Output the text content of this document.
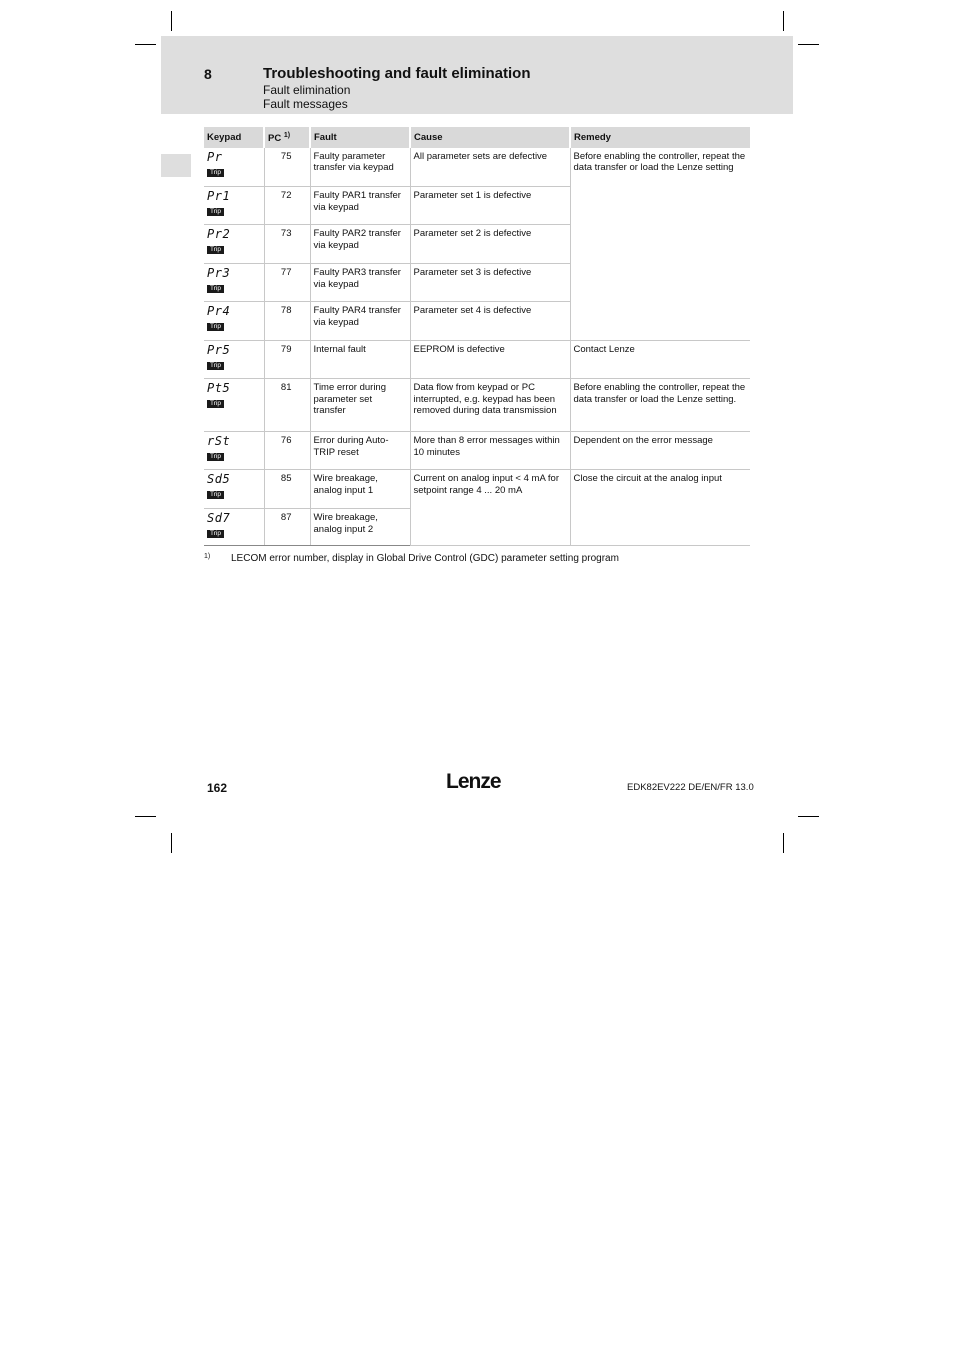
8	Troubleshooting and fault elimination
Fault elimination
Fault messages
Keypad	PC $^{1)}$	Fault	Cause	Remedy

Pr
Trip	75	Faulty parameter transfer via keypad	All parameter sets are defective	Before enabling the controller, repeat the data transfer or load the Lenze setting

Pr1
Trip	72	Faulty PAR1 transfer via keypad	Parameter set 1 is defective	

Pr2
Trip	73	Faulty PAR2 transfer via keypad	Parameter set 2 is defective	

Pr3
Trip	77	Faulty PAR3 transfer via keypad	Parameter set 3 is defective	

Pr4
Trip	78	Faulty PAR4 transfer via keypad	Parameter set 4 is defective	

Pr5
Trip	79	Internal fault	EEPROM is defective	Contact Lenze

Pt5
Trip	81	Time error during parameter set transfer	Data flow from keypad or PC interrupted, e.g. keypad has been removed during data transmission	Before enabling the controller, repeat the data transfer or load the Lenze setting.

rSt
Trip	76	Error during Auto-TRIP reset	More than 8 error messages within 10 minutes	Dependent on the error message

Sd5
Trip	85	Wire breakage, analog input 1	Current on analog input < 4 mA for setpoint range 4 ... 20 mA	Close the circuit at the analog input

Sd7
Trip	87	Wire breakage, analog input 2		
1) LECOM error number, display in Global Drive Control (GDC) parameter setting program
162	Lenze	EDK82EV222 DE/EN/FR 13.0
